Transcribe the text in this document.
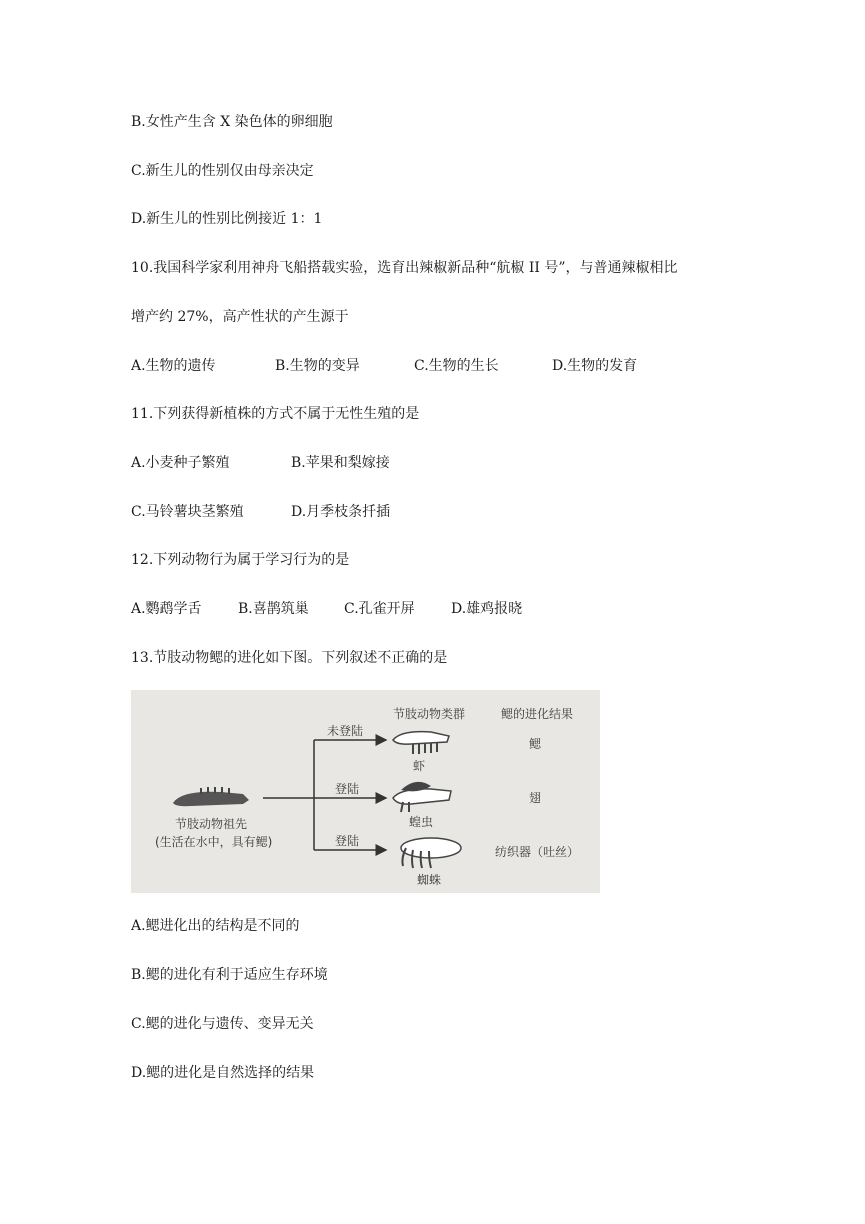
B.女性产生含 X 染色体的卵细胞
C.新生儿的性别仅由母亲决定
D.新生儿的性别比例接近 1：1
10.我国科学家利用神舟飞船搭载实验，选育出辣椒新品种“航椒 II 号”，与普通辣椒相比
增产约 27%，高产性状的产生源于
A.生物的遗传	B.生物的变异	C.生物的生长	D.生物的发育
11.下列获得新植株的方式不属于无性生殖的是
A.小麦种子繁殖	B.苹果和梨嫁接
C.马铃薯块茎繁殖	D.月季枝条扦插
12.下列动物行为属于学习行为的是
A.鹦鹉学舌	B.喜鹊筑巢	C.孔雀开屏	D.雄鸡报晓
13.节肢动物鳃的进化如下图。下列叙述不正确的是
节肢动物类群	鳃的进化结果
节肢动物祖先
(生活在水中，具有鳃)
未登陆
登陆
登陆
虾
蝗虫
蜘蛛
鳃
翅
纺织器（吐丝）
A.鳃进化出的结构是不同的
B.鳃的进化有利于适应生存环境
C.鳃的进化与遗传、变异无关
D.鳃的进化是自然选择的结果
